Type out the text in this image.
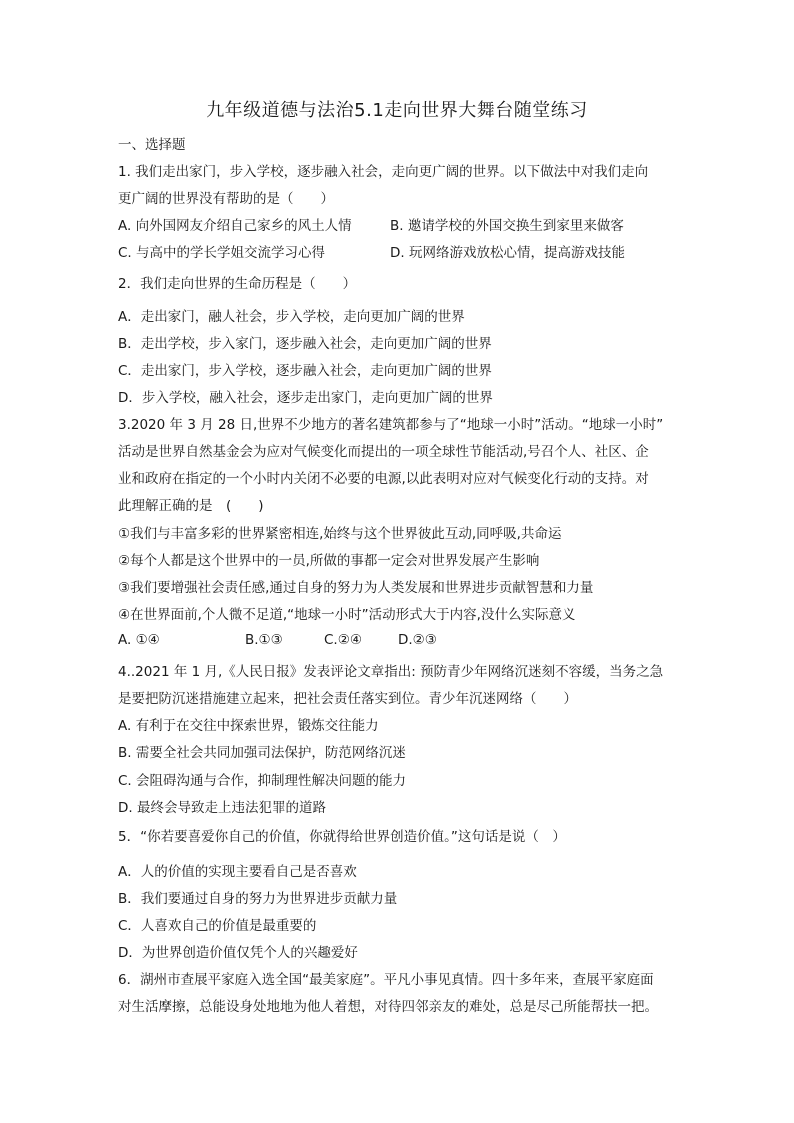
九年级道德与法治5.1走向世界大舞台随堂练习
一、选择题
1. 我们走出家门，步入学校，逐步融入社会，走向更广阔的世界。以下做法中对我们走向
更广阔的世界没有帮助的是（　　）
A. 向外国网友介绍自己家乡的风土人情	B. 邀请学校的外国交换生到家里来做客
C. 与高中的学长学姐交流学习心得	D. 玩网络游戏放松心情，提高游戏技能
2．我们走向世界的生命历程是（　　）
A．走出家门，融人社会，步入学校，走向更加广阔的世界
B．走出学校，步入家门，逐步融入社会，走向更加广阔的世界
C．走出家门，步入学校，逐步融入社会，走向更加广阔的世界
D．步入学校，融入社会，逐步走出家门，走向更加广阔的世界
3.2020 年 3 月 28 日,世界不少地方的著名建筑都参与了“地球一小时”活动。“地球一小时”
活动是世界自然基金会为应对气候变化而提出的一项全球性节能活动,号召个人、社区、企
业和政府在指定的一个小时内关闭不必要的电源,以此表明对应对气候变化行动的支持。对
此理解正确的是　(　　)
①我们与丰富多彩的世界紧密相连,始终与这个世界彼此互动,同呼吸,共命运
②每个人都是这个世界中的一员,所做的事都一定会对世界发展产生影响
③我们要增强社会责任感,通过自身的努力为人类发展和世界进步贡献智慧和力量
④在世界面前,个人微不足道,“地球一小时”活动形式大于内容,没什么实际意义
A. ①④	B.①③	C.②④	D.②③
4..2021 年 1 月,《人民日报》发表评论文章指出: 预防青少年网络沉迷刻不容缓，当务之急
是要把防沉迷措施建立起来，把社会责任落实到位。青少年沉迷网络（　　）
A. 有利于在交往中探索世界，锻炼交往能力
B. 需要全社会共同加强司法保护，防范网络沉迷
C. 会阻碍沟通与合作，抑制理性解决问题的能力
D. 最终会导致走上违法犯罪的道路
5．“你若要喜爱你自己的价值，你就得给世界创造价值。”这句话是说（　）
A．人的价值的实现主要看自己是否喜欢
B．我们要通过自身的努力为世界进步贡献力量
C．人喜欢自己的价值是最重要的
D．为世界创造价值仅凭个人的兴趣爱好
6．湖州市查展平家庭入选全国“最美家庭”。平凡小事见真情。四十多年来，查展平家庭面
对生活摩擦，总能设身处地地为他人着想，对待四邻亲友的难处，总是尽己所能帮扶一把。
